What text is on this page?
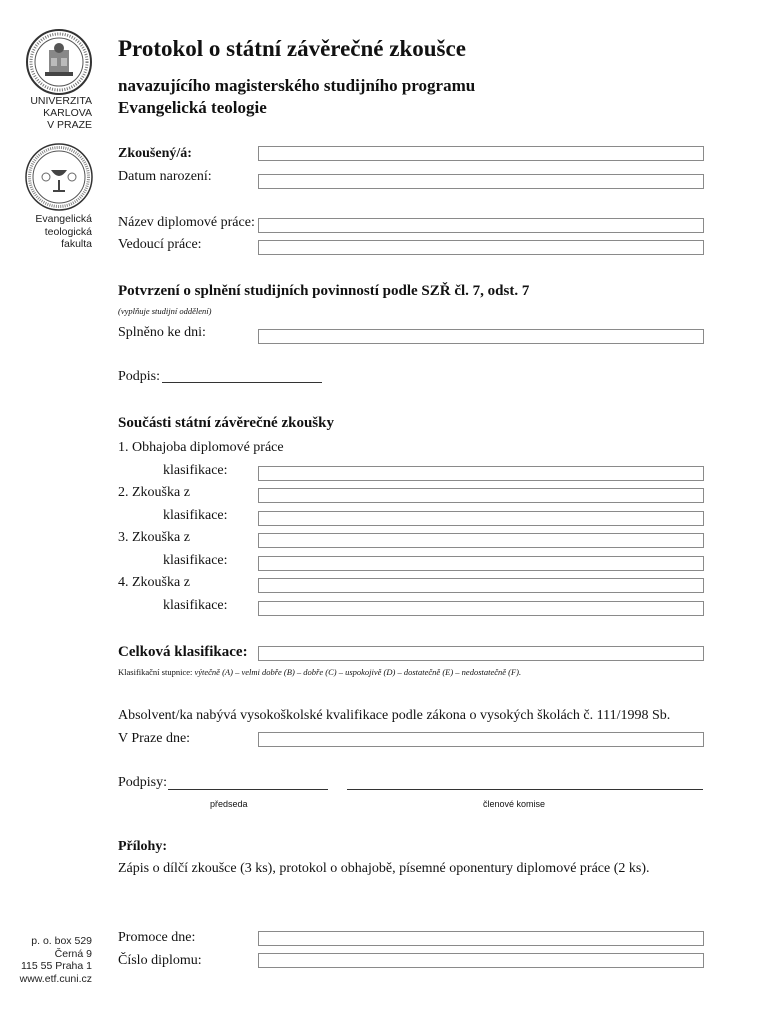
UNIVERZITA
KARLOVA
V PRAZE
Evangelická
teologická
fakulta
Protokol o státní závěrečné zkoušce
navazujícího magisterského studijního programu
Evangelická teologie
Zkoušený/á:
Datum narození:
Název diplomové práce:
Vedoucí práce:
Potvrzení o splnění studijních povinností podle SZŘ čl. 7, odst. 7
(vyplňuje studijní oddělení)
Splněno ke dni:
Podpis:
Součásti státní závěrečné zkoušky
1. Obhajoba diplomové práce
klasifikace:
2. Zkouška z
klasifikace:
3. Zkouška z
klasifikace:
4. Zkouška z
klasifikace:
Celková klasifikace:
Klasifikační stupnice: výtečně (A) – velmi dobře (B) – dobře (C) – uspokojivě (D) – dostatečně (E) – nedostatečně (F).
Absolvent/ka nabývá vysokoškolské kvalifikace podle zákona o vysokých školách č. 111/1998 Sb.
V Praze dne:
Podpisy:
předseda	členové komise
Přílohy:
Zápis o dílčí zkoušce (3 ks), protokol o obhajobě, písemné oponentury diplomové práce (2 ks).
Promoce dne:
Číslo diplomu:
p. o. box 529
Černá 9
115 55 Praha 1
www.etf.cuni.cz
